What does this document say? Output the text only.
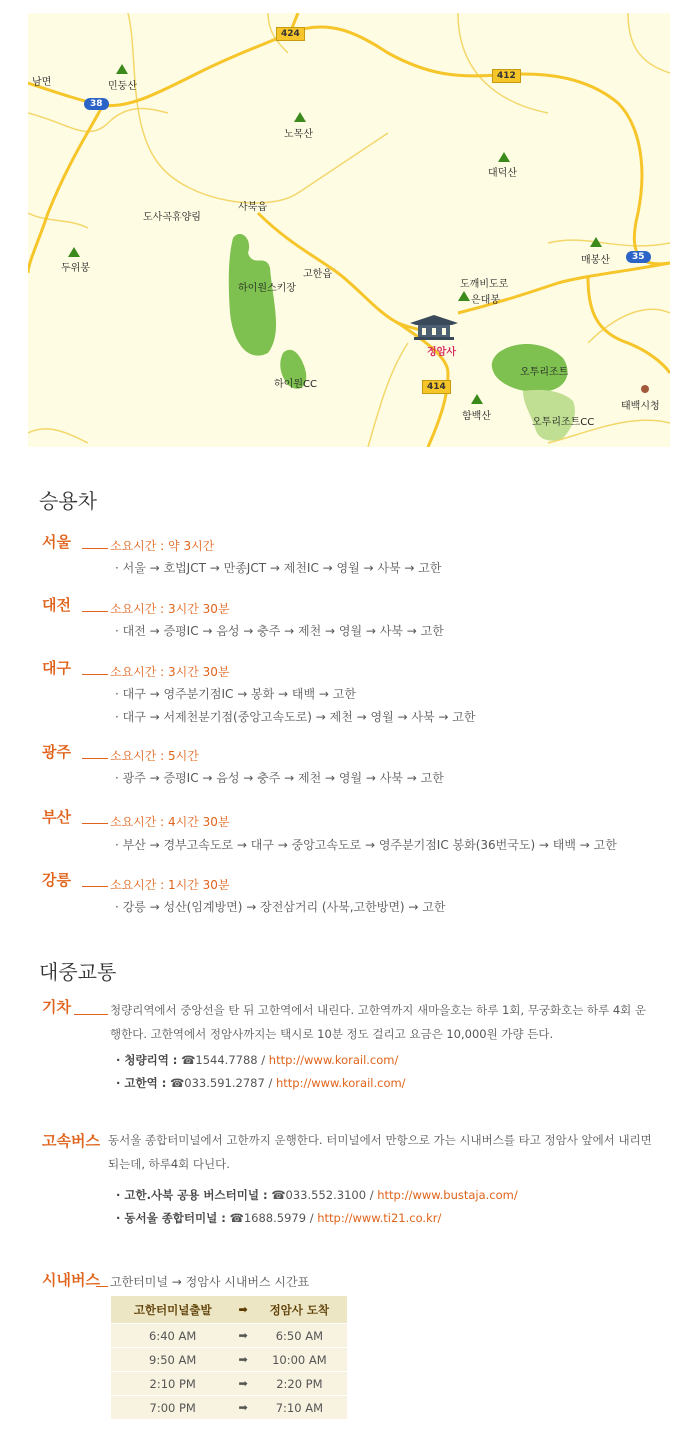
424
412
38
35
414
남면	민둥산
노목산
대덕산
도사곡휴양림
사북읍
두위봉
매봉산
고한읍
하이원스키장	도깨비도로
은대봉
정암사
하이원CC
오투리조트
함백산
오투리조트CC
태백시청
승용차
서울	소요시간 : 약 3시간
· 서울 → 호법JCT → 만종JCT → 제천IC → 영월 → 사북 → 고한
대전	소요시간 : 3시간 30분
· 대전 → 증평IC → 음성 → 충주 → 제천 → 영월 → 사북 → 고한
대구	소요시간 : 3시간 30분
· 대구 → 영주분기점IC → 봉화 → 태백 → 고한
· 대구 → 서제천분기점(중앙고속도로) → 제천 → 영월 → 사북 → 고한
광주	소요시간 : 5시간
· 광주 → 증평IC → 음성 → 충주 → 제천 → 영월 → 사북 → 고한
부산	소요시간 : 4시간 30분
· 부산 → 경부고속도로 → 대구 → 중앙고속도로 → 영주분기점IC 봉화(36번국도) → 태백 → 고한
강릉	소요시간 : 1시간 30분
· 강릉 → 성산(임계방면) → 장전삼거리 (사북,고한방면) → 고한
대중교통
기차	청량리역에서 중앙선을 탄 뒤 고한역에서 내린다. 고한역까지 새마을호는 하루 1회, 무궁화호는 하루 4회 운행한다. 고한역에서 정암사까지는 택시로 10분 정도 걸리고 요금은 10,000원 가량 든다.
· 청량리역 : ☎1544.7788 / http://www.korail.com/
· 고한역 : ☎033.591.2787 / http://www.korail.com/
고속버스 동서울 종합터미널에서 고한까지 운행한다. 터미널에서 만항으로 가는 시내버스를 타고 정암사 앞에서 내리면 되는데, 하루4회 다닌다.
· 고한.사북 공용 버스터미널 : ☎033.552.3100 / http://www.bustaja.com/
· 동서울 종합터미널 : ☎1688.5979 / http://www.ti21.co.kr/
시내버스 고한터미널 → 정암사 시내버스 시간표
고한터미널출발	➡	정암사 도착
6:40 AM	➡	6:50 AM
9:50 AM	➡	10:00 AM
2:10 PM	➡	2:20 PM
7:00 PM	➡	7:10 AM
